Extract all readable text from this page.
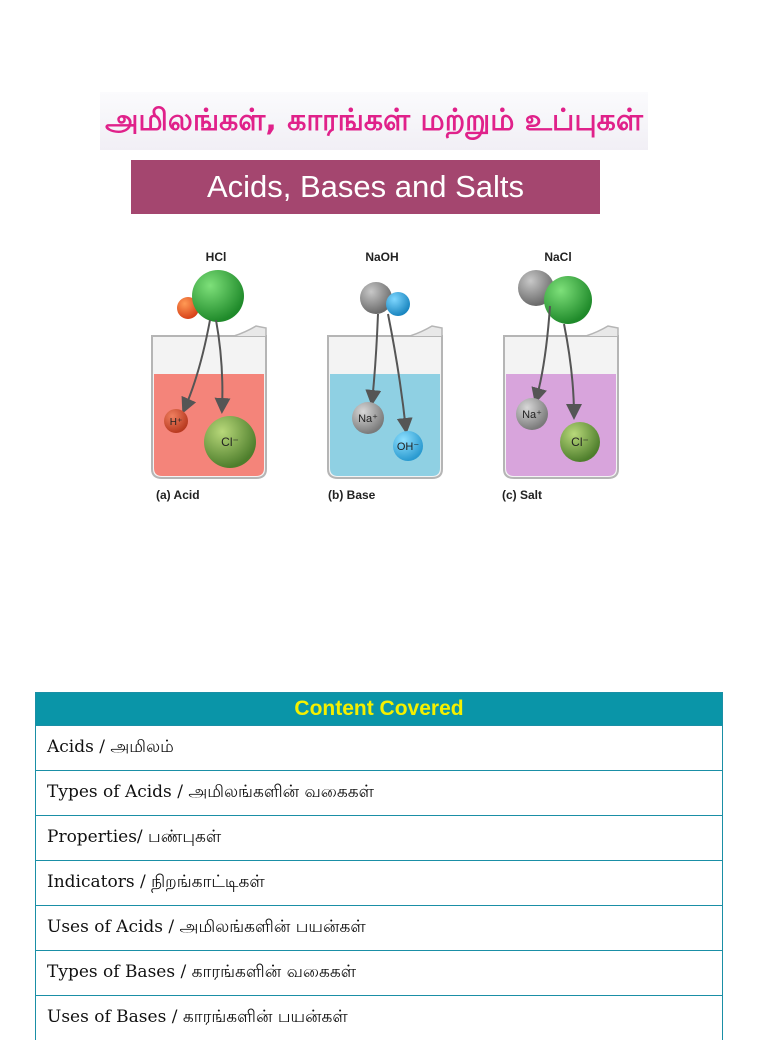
அமிலங்கள், காரங்கள் மற்றும் உப்புகள்
Acids, Bases and Salts
HCl
H⁺
Cl⁻
(a) Acid
NaOH
Na⁺
OH⁻
(b) Base
NaCl
Na⁺
Cl⁻
(c) Salt
Content Covered
Acids / அமிலம்
Types of Acids / அமிலங்களின் வகைகள்
Properties/ பண்புகள்
Indicators / நிறங்காட்டிகள்
Uses of Acids / அமிலங்களின் பயன்கள்
Types of Bases / காரங்களின் வகைகள்
Uses of Bases / காரங்களின் பயன்கள்
